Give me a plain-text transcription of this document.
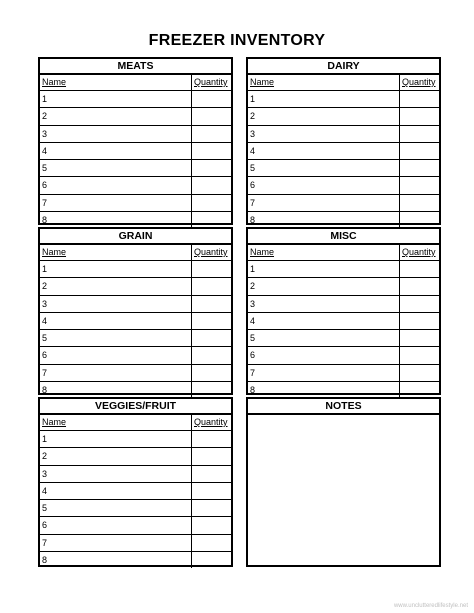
FREEZER INVENTORY
MEATS
Name	Quantity
1
2
3
4
5
6
7
8
DAIRY
Name	Quantity
1
2
3
4
5
6
7
8
GRAIN
Name	Quantity
1
2
3
4
5
6
7
8
MISC
Name	Quantity
1
2
3
4
5
6
7
8
VEGGIES/FRUIT
Name	Quantity
1
2
3
4
5
6
7
8
NOTES
www.unclutteredlifestyle.net
